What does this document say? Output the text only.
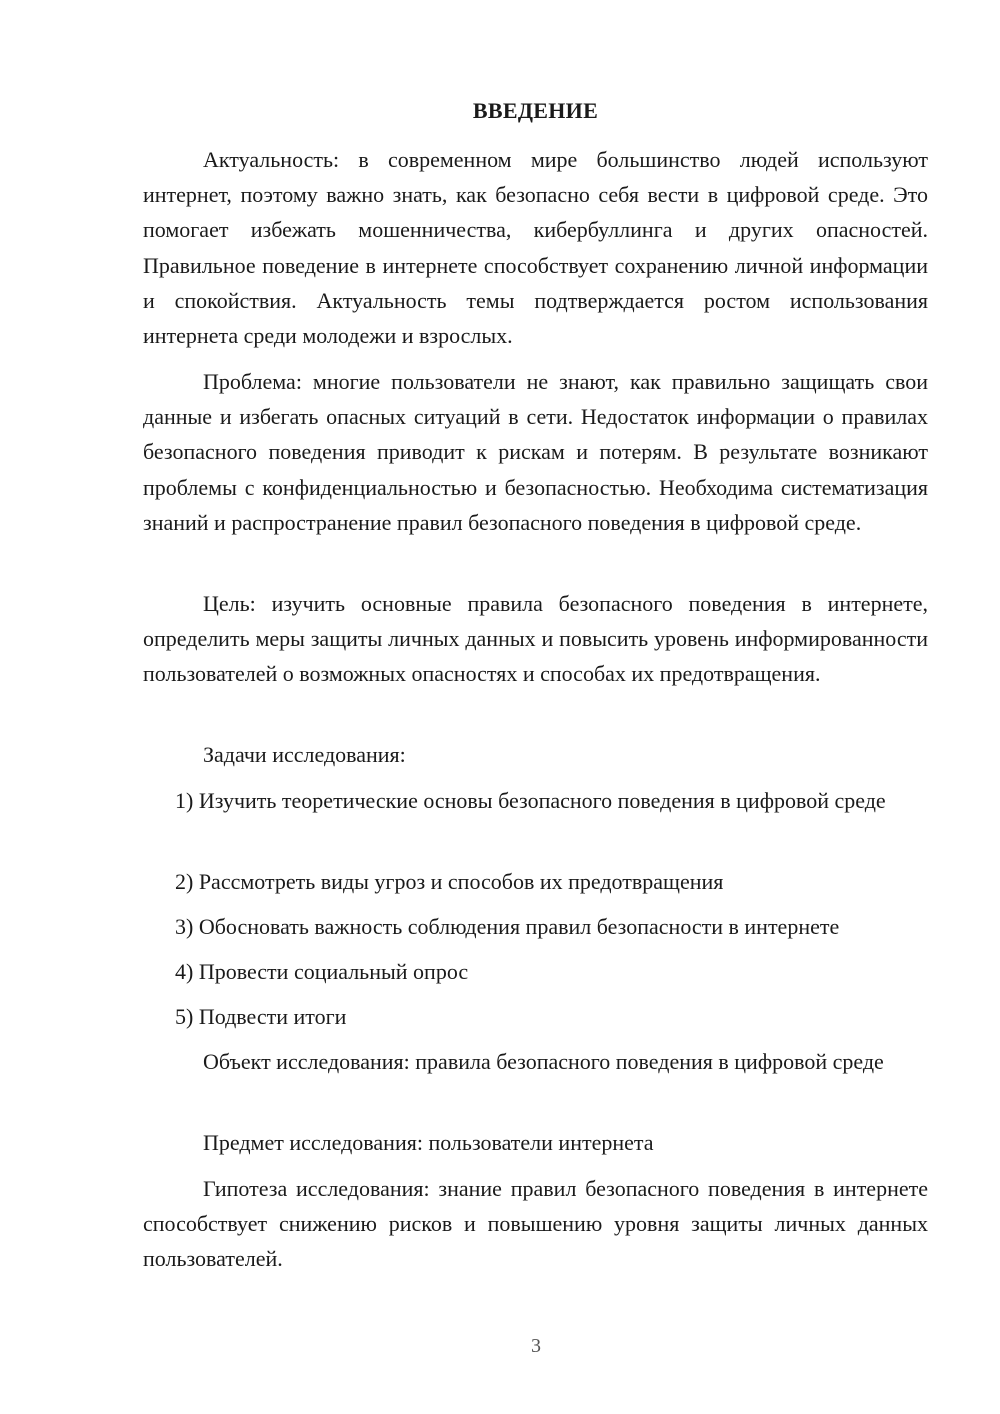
ВВЕДЕНИЕ

Актуальность: в современном мире большинство людей используют интернет, поэтому важно знать, как безопасно себя вести в цифровой среде. Это помогает избежать мошенничества, кибербуллинга и других опасностей. Правильное поведение в интернете способствует сохранению личной информации и спокойствия. Актуальность темы подтверждается ростом использования интернета среди молодежи и взрослых.

Проблема: многие пользователи не знают, как правильно защищать свои данные и избегать опасных ситуаций в сети. Недостаток информации о правилах безопасного поведения приводит к рискам и потерям. В результате возникают проблемы с конфиденциальностью и безопасностью. Необходима систематизация знаний и распространение правил безопасного поведения в цифровой среде.

Цель: изучить основные правила безопасного поведения в интернете, определить меры защиты личных данных и повысить уровень информированности пользователей о возможных опасностях и способах их предотвращения.

Задачи исследования:

1) Изучить теоретические основы безопасного поведения в цифровой среде

2) Рассмотреть виды угроз и способов их предотвращения

3) Обосновать важность соблюдения правил безопасности в интернете

4) Провести социальный опрос

5) Подвести итоги

Объект исследования: правила безопасного поведения в цифровой среде

Предмет исследования: пользователи интернета

Гипотеза исследования: знание правил безопасного поведения в интернете способствует снижению рисков и повышению уровня защиты личных данных пользователей.

3
